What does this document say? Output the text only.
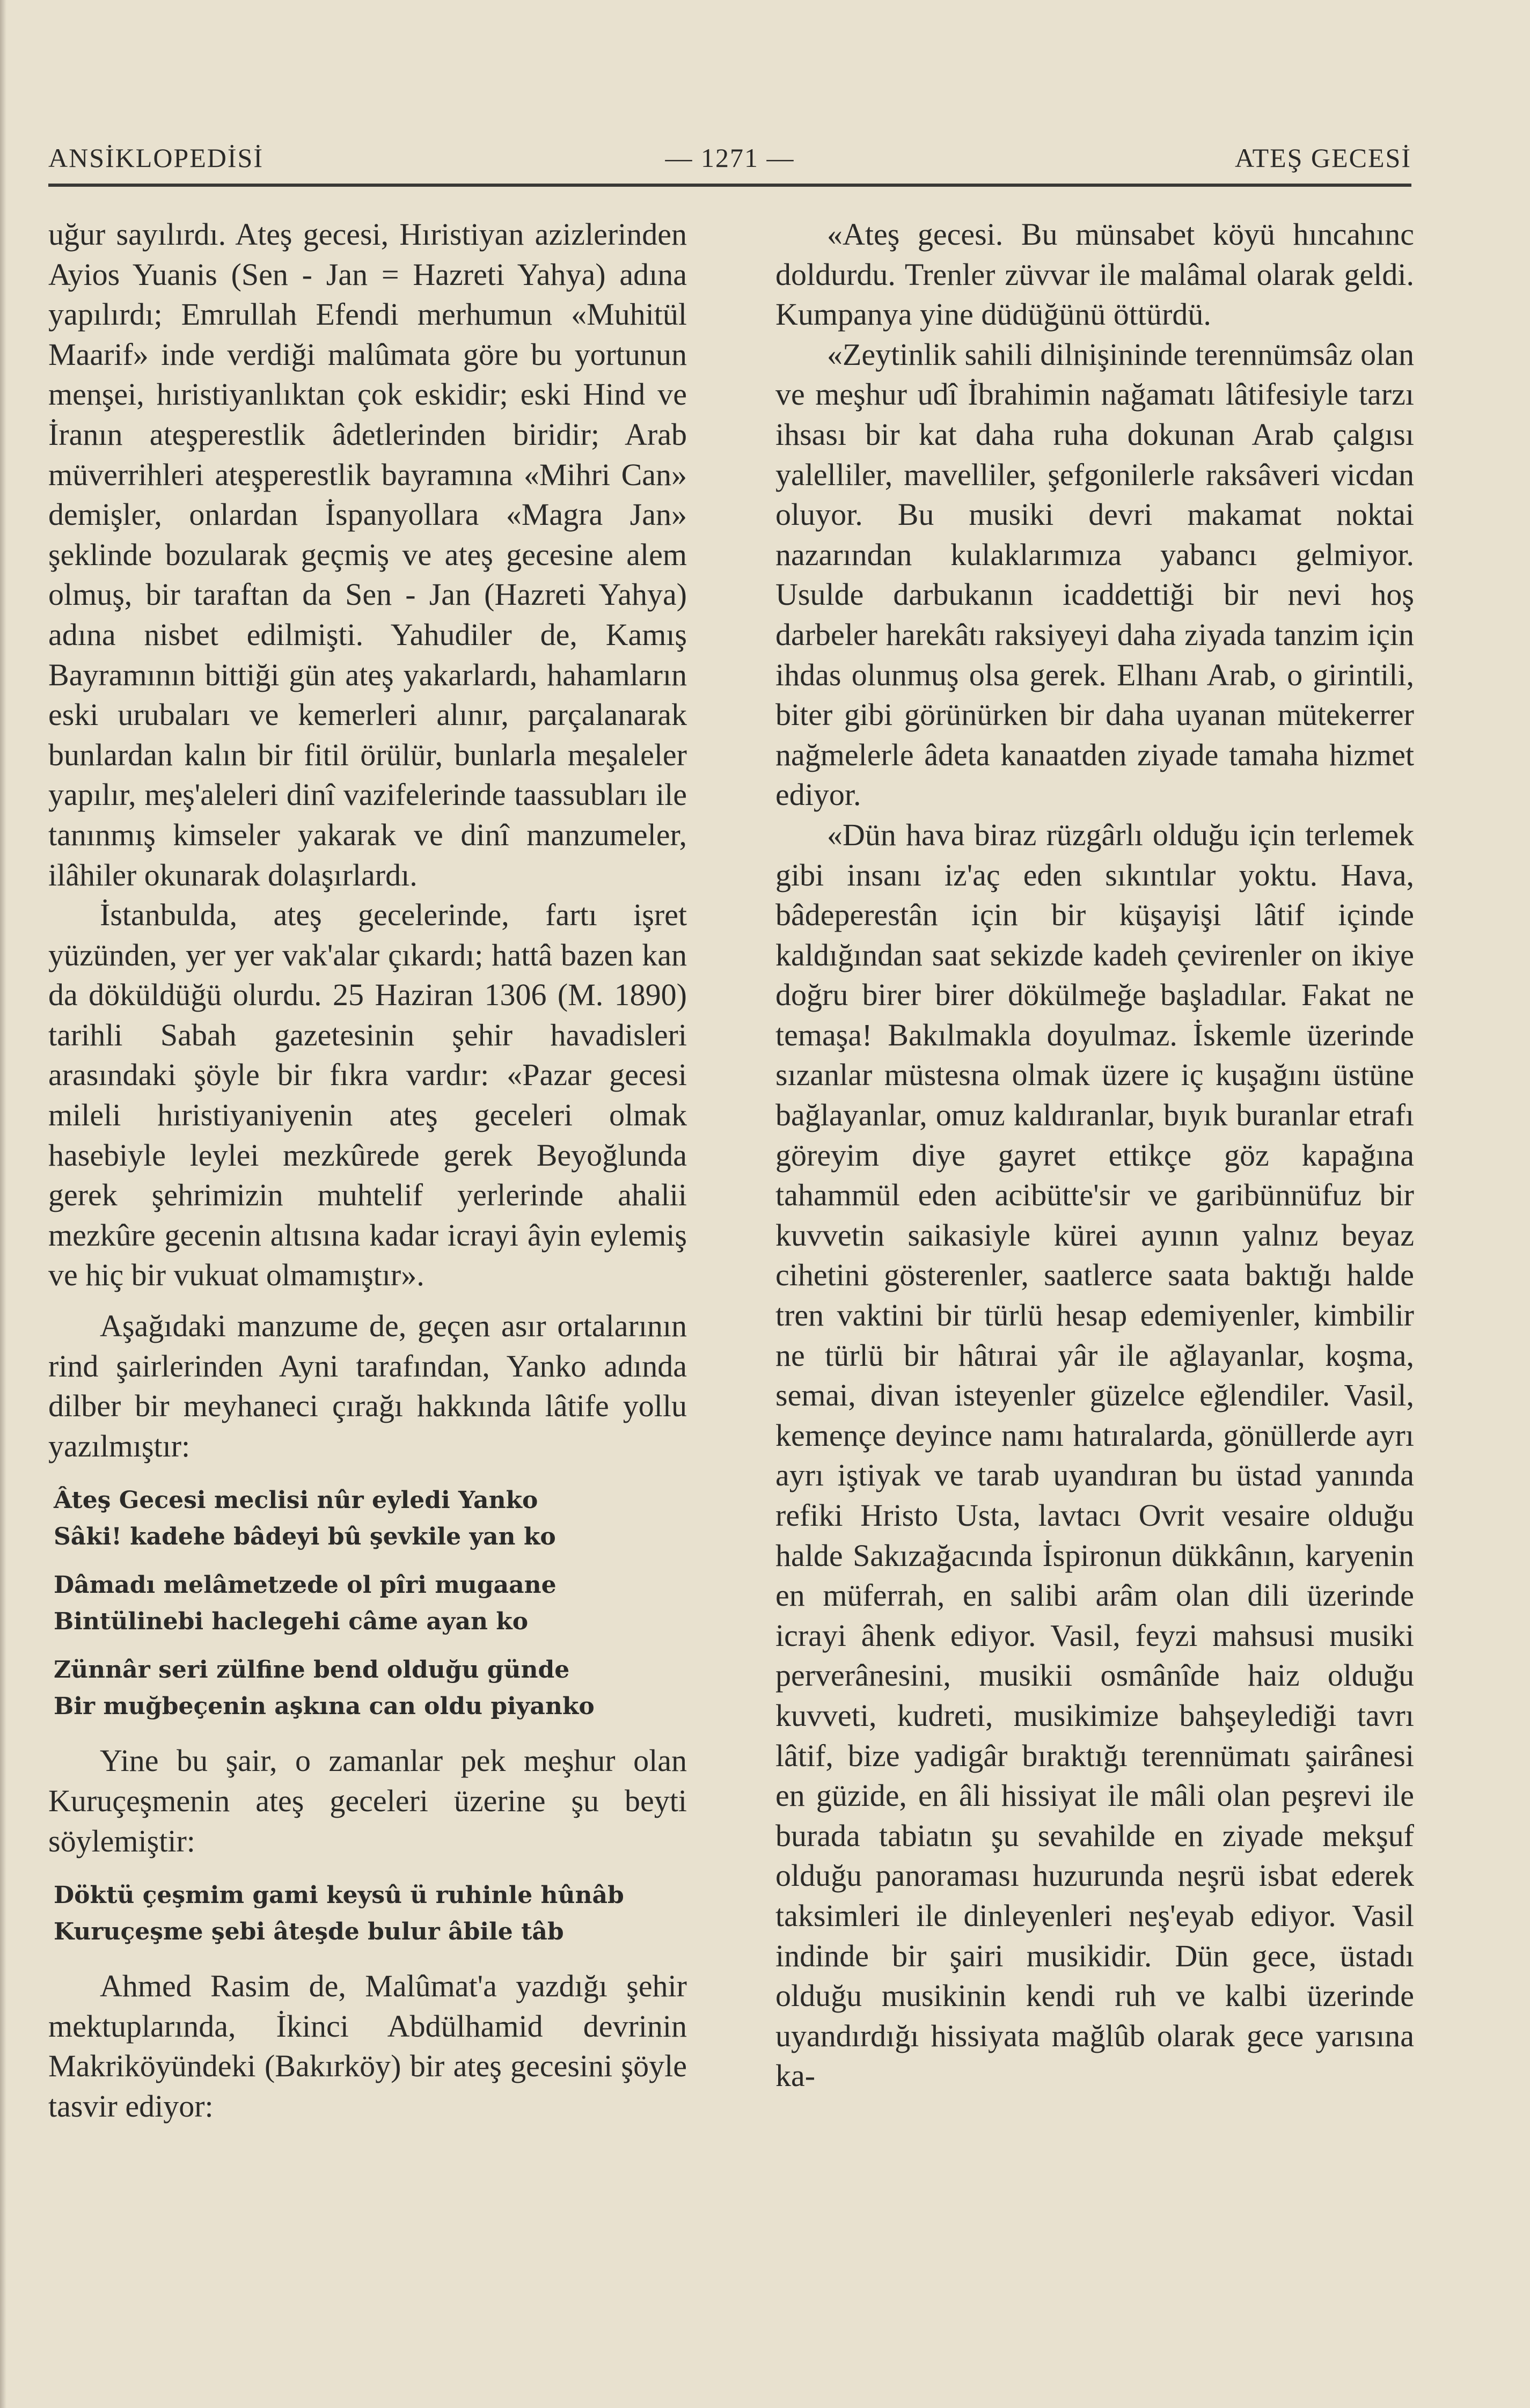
ANSİKLOPEDİSİ	— 1271 —	ATEŞ GECESİ

uğur sayılırdı. Ateş gecesi, Hıristiyan azizlerinden Ayios Yuanis (Sen - Jan = Hazreti Yahya) adına yapılırdı; Emrullah Efendi merhumun «Muhitül Maarif» inde verdiği malûmata göre bu yortunun menşei, hıristiyanlıktan çok eskidir; eski Hind ve İranın ateşperestlik âdetlerinden biridir; Arab müverrihleri ateşperestlik bayramına «Mihri Can» demişler, onlardan İspanyollara «Magra Jan» şeklinde bozularak geçmiş ve ateş gecesine alem olmuş, bir taraftan da Sen - Jan (Hazreti Yahya) adına nisbet edilmişti. Yahudiler de, Kamış Bayramının bittiği gün ateş yakarlardı, hahamların eski urubaları ve kemerleri alınır, parçalanarak bunlardan kalın bir fitil örülür, bunlarla meşaleler yapılır, meş'aleleri dinî vazifelerinde taassubları ile tanınmış kimseler yakarak ve dinî manzumeler, ilâhiler okunarak dolaşırlardı.

İstanbulda, ateş gecelerinde, fartı işret yüzünden, yer yer vak'alar çıkardı; hattâ bazen kan da döküldüğü olurdu. 25 Haziran 1306 (M. 1890) tarihli Sabah gazetesinin şehir havadisleri arasındaki şöyle bir fıkra vardır: «Pazar gecesi mileli hıristiyaniyenin ateş geceleri olmak hasebiyle leylei mezkûrede gerek Beyoğlunda gerek şehrimizin muhtelif yerlerinde ahalii mezkûre gecenin altısına kadar icrayi âyin eylemiş ve hiç bir vukuat olmamıştır».

Aşağıdaki manzume de, geçen asır ortalarının rind şairlerinden Ayni tarafından, Yanko adında dilber bir meyhaneci çırağı hakkında lâtife yollu yazılmıştır:

Âteş Gecesi meclisi nûr eyledi Yanko
Sâki! kadehe bâdeyi bû şevkile yan ko
Dâmadı melâmetzede ol pîri mugaane
Bintülinebi haclegehi câme ayan ko
Zünnâr seri zülfine bend olduğu günde
Bir muğbeçenin aşkına can oldu piyanko

Yine bu şair, o zamanlar pek meşhur olan Kuruçeşmenin ateş geceleri üzerine şu beyti söylemiştir:

Döktü çeşmim gami keysû ü ruhinle hûnâb
Kuruçeşme şebi âteşde bulur âbile tâb

Ahmed Rasim de, Malûmat'a yazdığı şehir mektuplarında, İkinci Abdülhamid devrinin Makriköyündeki (Bakırköy) bir ateş gecesini şöyle tasvir ediyor:

«Ateş gecesi. Bu münsabet köyü hıncahınc doldurdu. Trenler züvvar ile malâmal olarak geldi. Kumpanya yine düdüğünü öttürdü.

«Zeytinlik sahili dilnişininde terennümsâz olan ve meşhur udî İbrahimin nağamatı lâtifesiyle tarzı ihsası bir kat daha ruha dokunan Arab çalgısı yalelliler, mavelliler, şefgonilerle raksâveri vicdan oluyor. Bu musiki devri makamat noktai nazarından kulaklarımıza yabancı gelmiyor. Usulde darbukanın icaddettiği bir nevi hoş darbeler harekâtı raksiyeyi daha ziyada tanzim için ihdas olunmuş olsa gerek. Elhanı Arab, o girintili, biter gibi görünürken bir daha uyanan mütekerrer nağmelerle âdeta kanaatden ziyade tamaha hizmet ediyor.

«Dün hava biraz rüzgârlı olduğu için terlemek gibi insanı iz'aç eden sıkıntılar yoktu. Hava, bâdeperestân için bir küşayişi lâtif içinde kaldığından saat sekizde kadeh çevirenler on ikiye doğru birer birer dökülmeğe başladılar. Fakat ne temaşa! Bakılmakla doyulmaz. İskemle üzerinde sızanlar müstesna olmak üzere iç kuşağını üstüne bağlayanlar, omuz kaldıranlar, bıyık buranlar etrafı göreyim diye gayret ettikçe göz kapağına tahammül eden acibütte'sir ve garibünnüfuz bir kuvvetin saikasiyle kürei ayının yalnız beyaz cihetini gösterenler, saatlerce saata baktığı halde tren vaktini bir türlü hesap edemiyenler, kimbilir ne türlü bir hâtırai yâr ile ağlayanlar, koşma, semai, divan isteyenler güzelce eğlendiler. Vasil, kemençe deyince namı hatıralarda, gönüllerde ayrı ayrı iştiyak ve tarab uyandıran bu üstad yanında refiki Hristo Usta, lavtacı Ovrit vesaire olduğu halde Sakızağacında İspironun dükkânın, karyenin en müferrah, en salibi arâm olan dili üzerinde icrayi âhenk ediyor. Vasil, feyzi mahsusi musiki perverânesini, musikii osmânîde haiz olduğu kuvveti, kudreti, musikimize bahşeylediği tavrı lâtif, bize yadigâr bıraktığı terennümatı şairânesi en güzide, en âli hissiyat ile mâli olan peşrevi ile burada tabiatın şu sevahilde en ziyade mekşuf olduğu panoraması huzurunda neşrü isbat ederek taksimleri ile dinleyenleri neş'eyab ediyor. Vasil indinde bir şairi musikidir. Dün gece, üstadı olduğu musikinin kendi ruh ve kalbi üzerinde uyandırdığı hissiyata mağlûb olarak gece yarısına ka-
